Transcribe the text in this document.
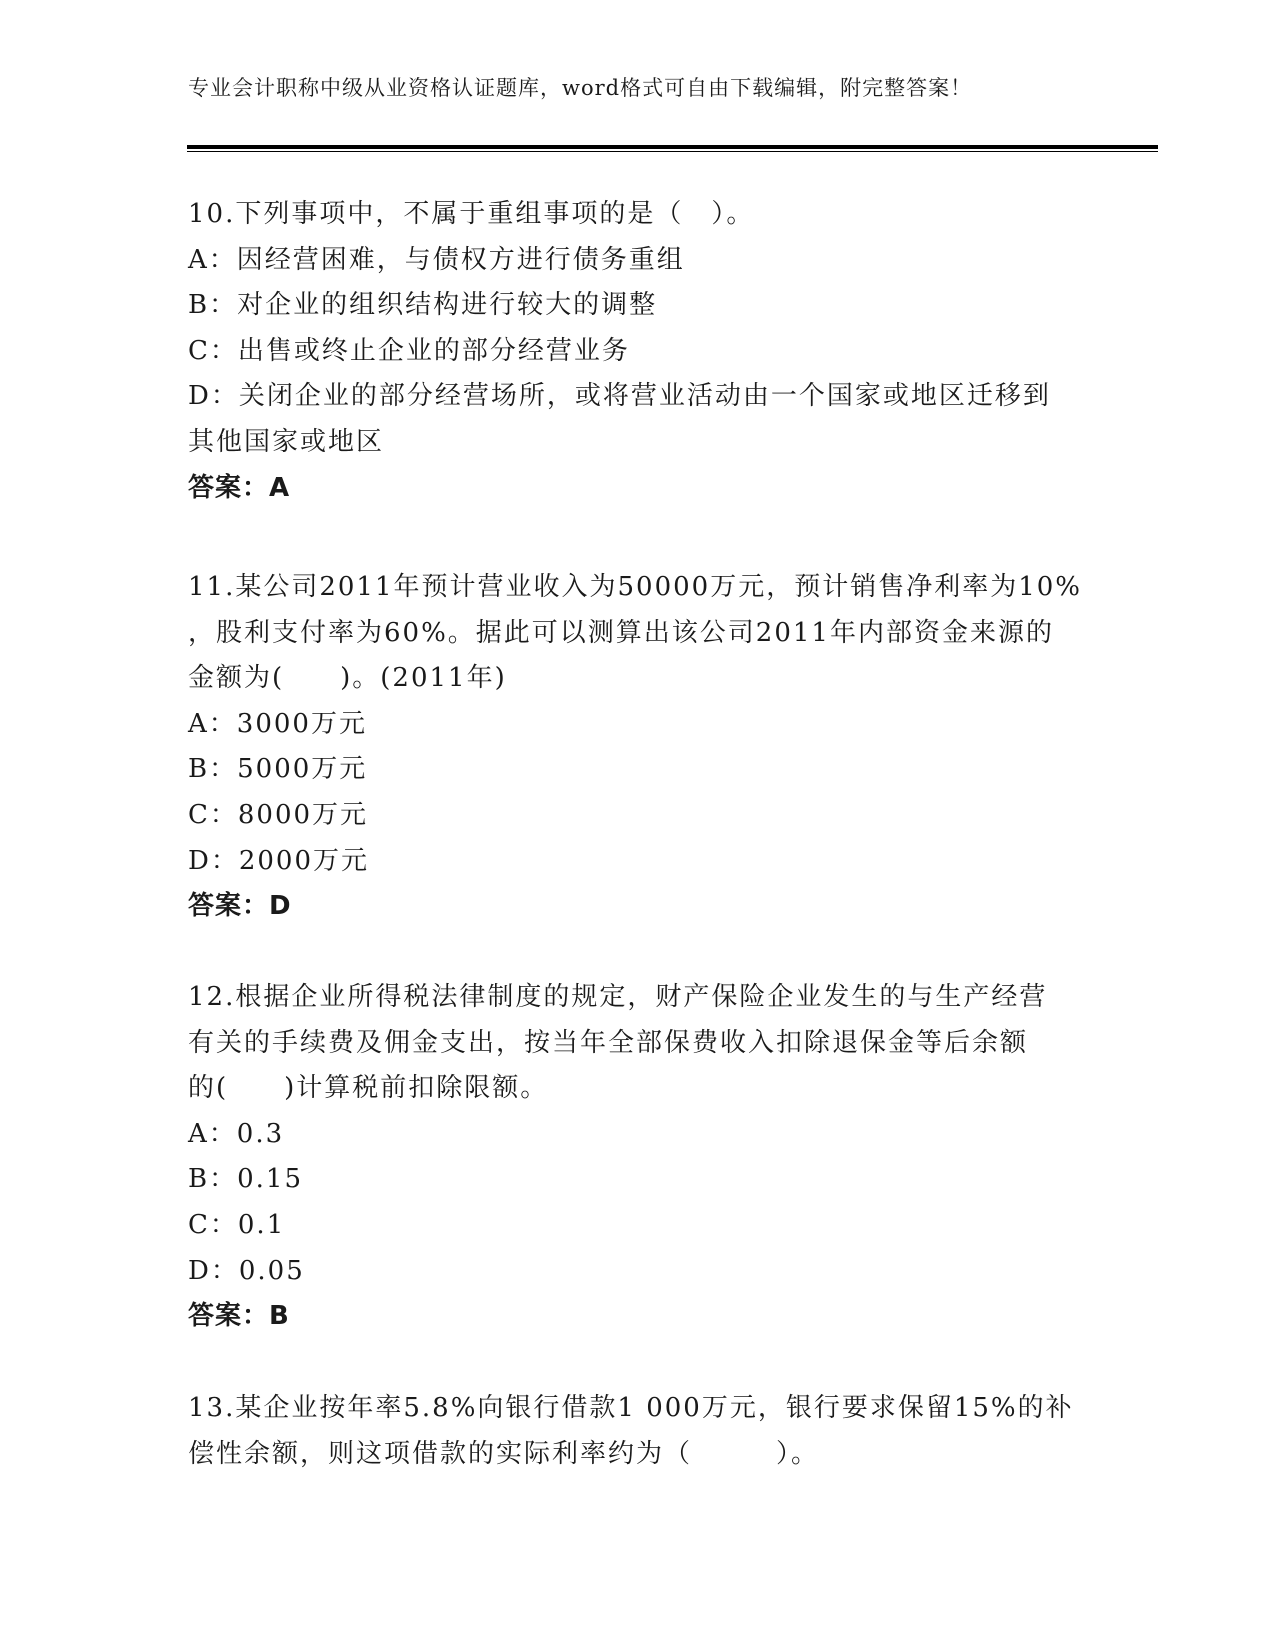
专业会计职称中级从业资格认证题库，word格式可自由下载编辑，附完整答案！
10.下列事项中，不属于重组事项的是（　）。
A：因经营困难，与债权方进行债务重组
B：对企业的组织结构进行较大的调整
C：出售或终止企业的部分经营业务
D：关闭企业的部分经营场所，或将营业活动由一个国家或地区迁移到
其他国家或地区
答案：A
11.某公司2011年预计营业收入为50000万元，预计销售净利率为10%
，股利支付率为60%。据此可以测算出该公司2011年内部资金来源的
金额为(　　)。(2011年)
A：3000万元
B：5000万元
C：8000万元
D：2000万元
答案：D
12.根据企业所得税法律制度的规定，财产保险企业发生的与生产经营
有关的手续费及佣金支出，按当年全部保费收入扣除退保金等后余额
的(　　)计算税前扣除限额。
A：0.3
B：0.15
C：0.1
D：0.05
答案：B
13.某企业按年率5.8%向银行借款1 000万元，银行要求保留15%的补
偿性余额，则这项借款的实际利率约为（　　　）。
